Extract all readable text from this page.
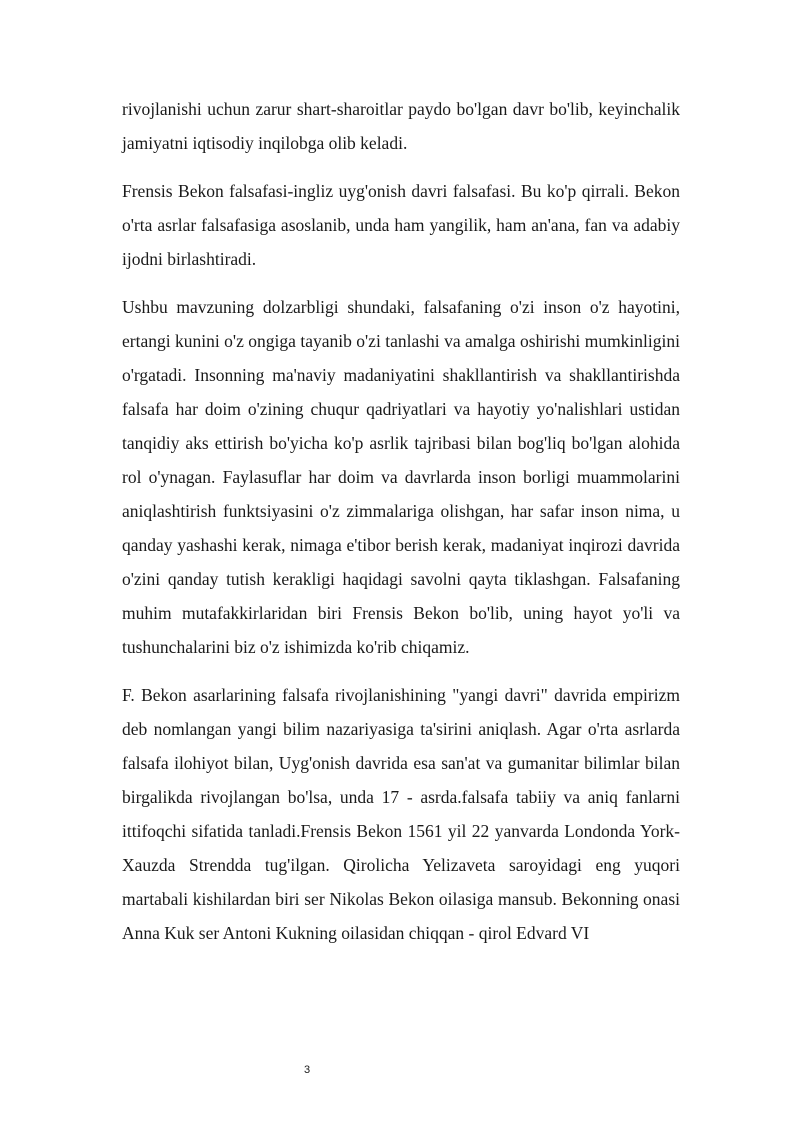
rivojlanishi uchun zarur shart-sharoitlar paydo bo'lgan davr bo'lib, keyinchalik jamiyatni iqtisodiy inqilobga olib keladi.

Frensis Bekon falsafasi-ingliz uyg'onish davri falsafasi. Bu ko'p qirrali. Bekon o'rta asrlar falsafasiga asoslanib, unda ham yangilik, ham an'ana, fan va adabiy ijodni birlashtiradi.

Ushbu mavzuning dolzarbligi shundaki, falsafaning o'zi inson o'z hayotini, ertangi kunini o'z ongiga tayanib o'zi tanlashi va amalga oshirishi mumkinligini o'rgatadi. Insonning ma'naviy madaniyatini shakllantirish va shakllantirishda falsafa har doim o'zining chuqur qadriyatlari va hayotiy yo'nalishlari ustidan tanqidiy aks ettirish bo'yicha ko'p asrlik tajribasi bilan bog'liq bo'lgan alohida rol o'ynagan. Faylasuflar har doim va davrlarda inson borligi muammolarini aniqlashtirish funktsiyasini o'z zimmalariga olishgan, har safar inson nima, u qanday yashashi kerak, nimaga e'tibor berish kerak, madaniyat inqirozi davrida o'zini qanday tutish kerakligi haqidagi savolni qayta tiklashgan. Falsafaning muhim mutafakkirlaridan biri Frensis Bekon bo'lib, uning hayot yo'li va tushunchalarini biz o'z ishimizda ko'rib chiqamiz.

F. Bekon asarlarining falsafa rivojlanishining "yangi davri" davrida empirizm deb nomlangan yangi bilim nazariyasiga ta'sirini aniqlash. Agar o'rta asrlarda falsafa ilohiyot bilan, Uyg'onish davrida esa san'at va gumanitar bilimlar bilan birgalikda rivojlangan bo'lsa, unda 17 - asrda.falsafa tabiiy va aniq fanlarni ittifoqchi sifatida tanladi.Frensis Bekon 1561 yil 22 yanvarda Londonda York-Xauzda Strendda tug'ilgan. Qirolicha Yelizaveta saroyidagi eng yuqori martabali kishilardan biri ser Nikolas Bekon oilasiga mansub. Bekonning onasi Anna Kuk ser Antoni Kukning oilasidan chiqqan - qirol Edvard VI

3
